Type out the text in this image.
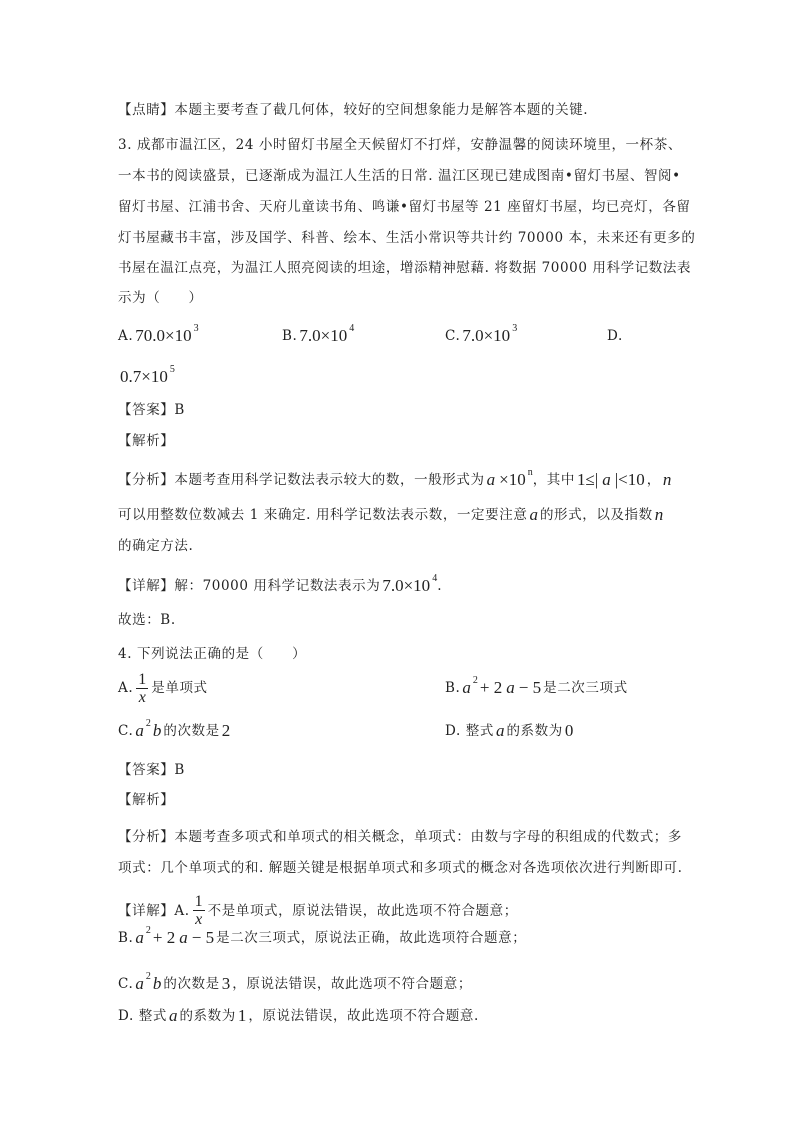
【点睛】本题主要考查了截几何体，较好的空间想象能力是解答本题的关键.
3. 成都市温江区，24 小时留灯书屋全天候留灯不打烊，安静温馨的阅读环境里，一杯茶、
一本书的阅读盛景，已逐渐成为温江人生活的日常. 温江区现已建成图南•留灯书屋、智阅•
留灯书屋、江浦书舍、天府儿童读书角、鸣谦•留灯书屋等 21 座留灯书屋，均已亮灯，各留
灯书屋藏书丰富，涉及国学、科普、绘本、生活小常识等共计约 70000 本，未来还有更多的
书屋在温江点亮，为温江人照亮阅读的坦途，增添精神慰藉. 将数据 70000 用科学记数法表
示为（　　）
A. 70.0×10 3	B. 7.0×10 4	C. 7.0×10 3	D.
0.7×10 5
【答案】B
【解析】
【分析】本题考查用科学记数法表示较大的数，一般形式为 a ×10 n ，其中 1≤| a |<10 ， n
可以用整数位数减去 1 来确定. 用科学记数法表示数，一定要注意 a 的形式，以及指数 n
的确定方法.
【详解】解：70000 用科学记数法表示为 7.0×10 4 .
故选：B.
4. 下列说法正确的是（　　）
A. $\frac{1}{x}$ 是单项式	B. a 2 + 2 a − 5 是二次三项式
C. a 2 b 的次数是 2	D. 整式 a 的系数为 0
【答案】B
【解析】
【分析】本题考查多项式和单项式的相关概念，单项式：由数与字母的积组成的代数式；多
项式：几个单项式的和. 解题关键是根据单项式和多项式的概念对各选项依次进行判断即可.
【详解】A. $\frac{1}{x}$ 不是单项式，原说法错误，故此选项不符合题意；
B. a 2 + 2 a − 5 是二次三项式，原说法正确，故此选项符合题意；
C. a 2 b 的次数是 3 ，原说法错误，故此选项不符合题意；
D. 整式 a 的系数为 1 ，原说法错误，故此选项不符合题意.
